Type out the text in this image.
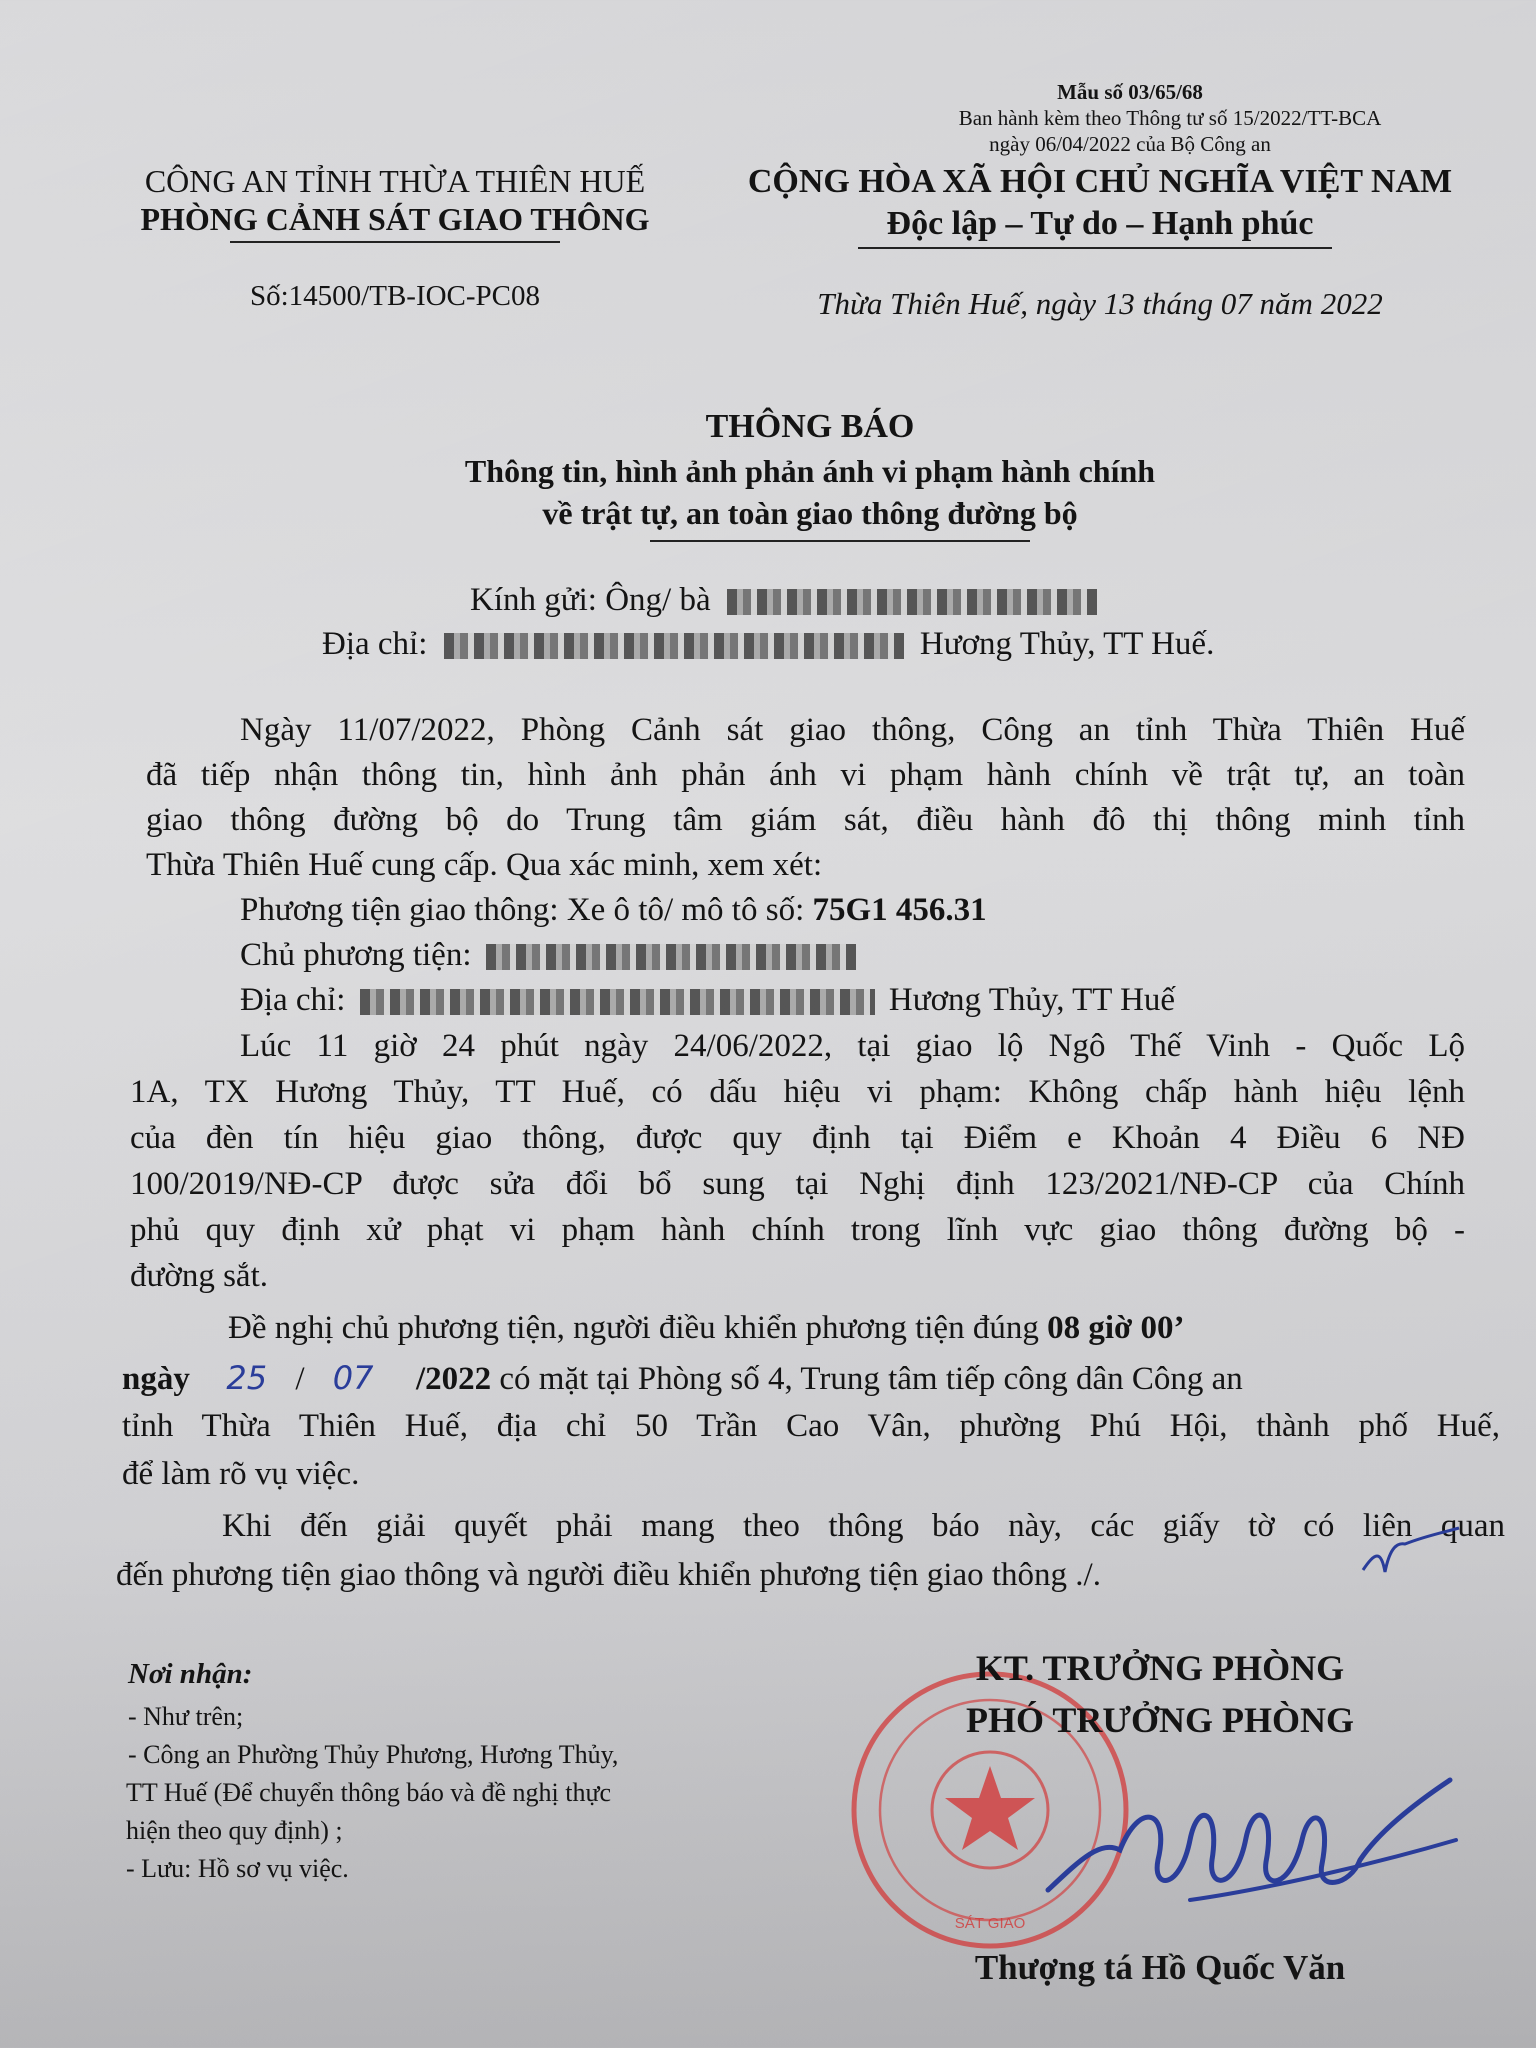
Mẫu số 03/65/68
Ban hành kèm theo Thông tư số 15/2022/TT-BCA
ngày 06/04/2022 của Bộ Công an
CÔNG AN TỈNH THỪA THIÊN HUẾ
PHÒNG CẢNH SÁT GIAO THÔNG
Số:14500/TB-IOC-PC08
CỘNG HÒA XÃ HỘI CHỦ NGHĨA VIỆT NAM
Độc lập – Tự do – Hạnh phúc
Thừa Thiên Huế, ngày 13 tháng 07 năm 2022
THÔNG BÁO
Thông tin, hình ảnh phản ánh vi phạm hành chính
về trật tự, an toàn giao thông đường bộ
Kính gửi: Ông/ bà
Địa chỉ:	Hương Thủy, TT Huế.
Ngày 11/07/2022, Phòng Cảnh sát giao thông, Công an tỉnh Thừa Thiên Huế
đã tiếp nhận thông tin, hình ảnh phản ánh vi phạm hành chính về trật tự, an toàn
giao thông đường bộ do Trung tâm giám sát, điều hành đô thị thông minh tỉnh
Thừa Thiên Huế cung cấp. Qua xác minh, xem xét:
Phương tiện giao thông: Xe ô tô/ mô tô số: 75G1 456.31
Chủ phương tiện:
Địa chỉ:	Hương Thủy, TT Huế
Lúc 11 giờ 24 phút ngày 24/06/2022, tại giao lộ Ngô Thế Vinh - Quốc Lộ
1A, TX Hương Thủy, TT Huế, có dấu hiệu vi phạm: Không chấp hành hiệu lệnh
của đèn tín hiệu giao thông, được quy định tại Điểm e Khoản 4 Điều 6 NĐ
100/2019/NĐ-CP được sửa đổi bổ sung tại Nghị định 123/2021/NĐ-CP của Chính
phủ quy định xử phạt vi phạm hành chính trong lĩnh vực giao thông đường bộ -
đường sắt.
Đề nghị chủ phương tiện, người điều khiển phương tiện đúng 08 giờ 00’
ngày 25 / 07 /2022 có mặt tại Phòng số 4, Trung tâm tiếp công dân Công an
tỉnh Thừa Thiên Huế, địa chỉ 50 Trần Cao Vân, phường Phú Hội, thành phố Huế,
để làm rõ vụ việc.
Khi đến giải quyết phải mang theo thông báo này, các giấy tờ có liên quan
đến phương tiện giao thông và người điều khiển phương tiện giao thông ./.
Nơi nhận:
- Như trên;
- Công an Phường Thủy Phương, Hương Thủy,
TT Huế (Để chuyển thông báo và đề nghị thực
hiện theo quy định) ;
- Lưu: Hồ sơ vụ việc.
SÁT GIAO
KT. TRƯỞNG PHÒNG
PHÓ TRƯỞNG PHÒNG
Thượng tá Hồ Quốc Văn
